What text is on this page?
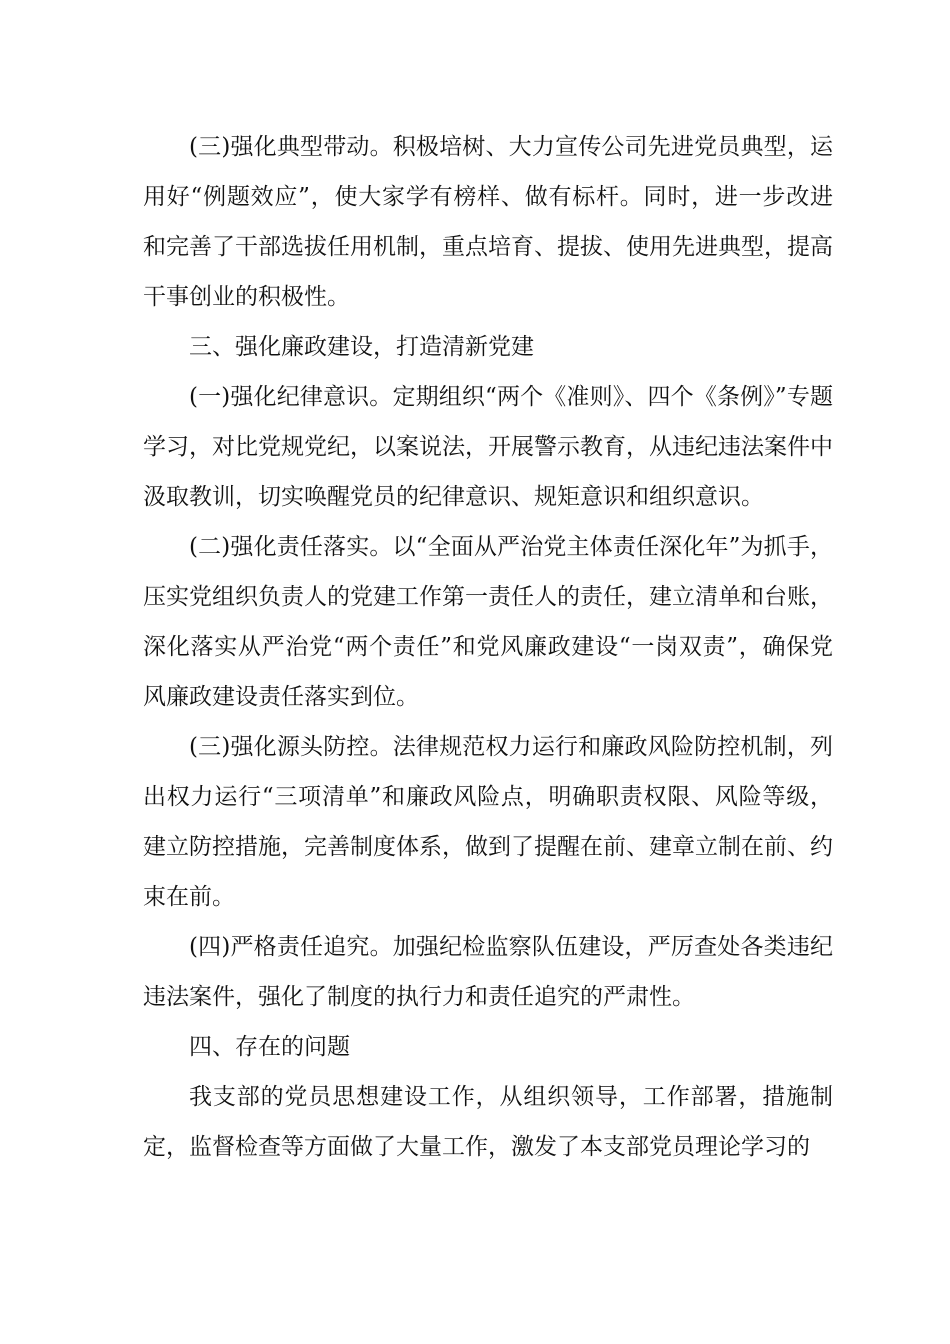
(三)强化典型带动。积极培树、大力宣传公司先进党员典型，运用好“例题效应”，使大家学有榜样、做有标杆。同时，进一步改进和完善了干部选拔任用机制，重点培育、提拔、使用先进典型，提高干事创业的积极性。

三、强化廉政建设，打造清新党建

(一)强化纪律意识。定期组织“两个《准则》、四个《条例》”专题学习，对比党规党纪，以案说法，开展警示教育，从违纪违法案件中汲取教训，切实唤醒党员的纪律意识、规矩意识和组织意识。

(二)强化责任落实。以“全面从严治党主体责任深化年”为抓手，压实党组织负责人的党建工作第一责任人的责任，建立清单和台账，深化落实从严治党“两个责任”和党风廉政建设“一岗双责”，确保党风廉政建设责任落实到位。

(三)强化源头防控。法律规范权力运行和廉政风险防控机制，列出权力运行“三项清单”和廉政风险点，明确职责权限、风险等级，建立防控措施，完善制度体系，做到了提醒在前、建章立制在前、约束在前。

(四)严格责任追究。加强纪检监察队伍建设，严厉查处各类违纪违法案件，强化了制度的执行力和责任追究的严肃性。

四、存在的问题

我支部的党员思想建设工作，从组织领导，工作部署，措施制定，监督检查等方面做了大量工作，激发了本支部党员理论学习的
